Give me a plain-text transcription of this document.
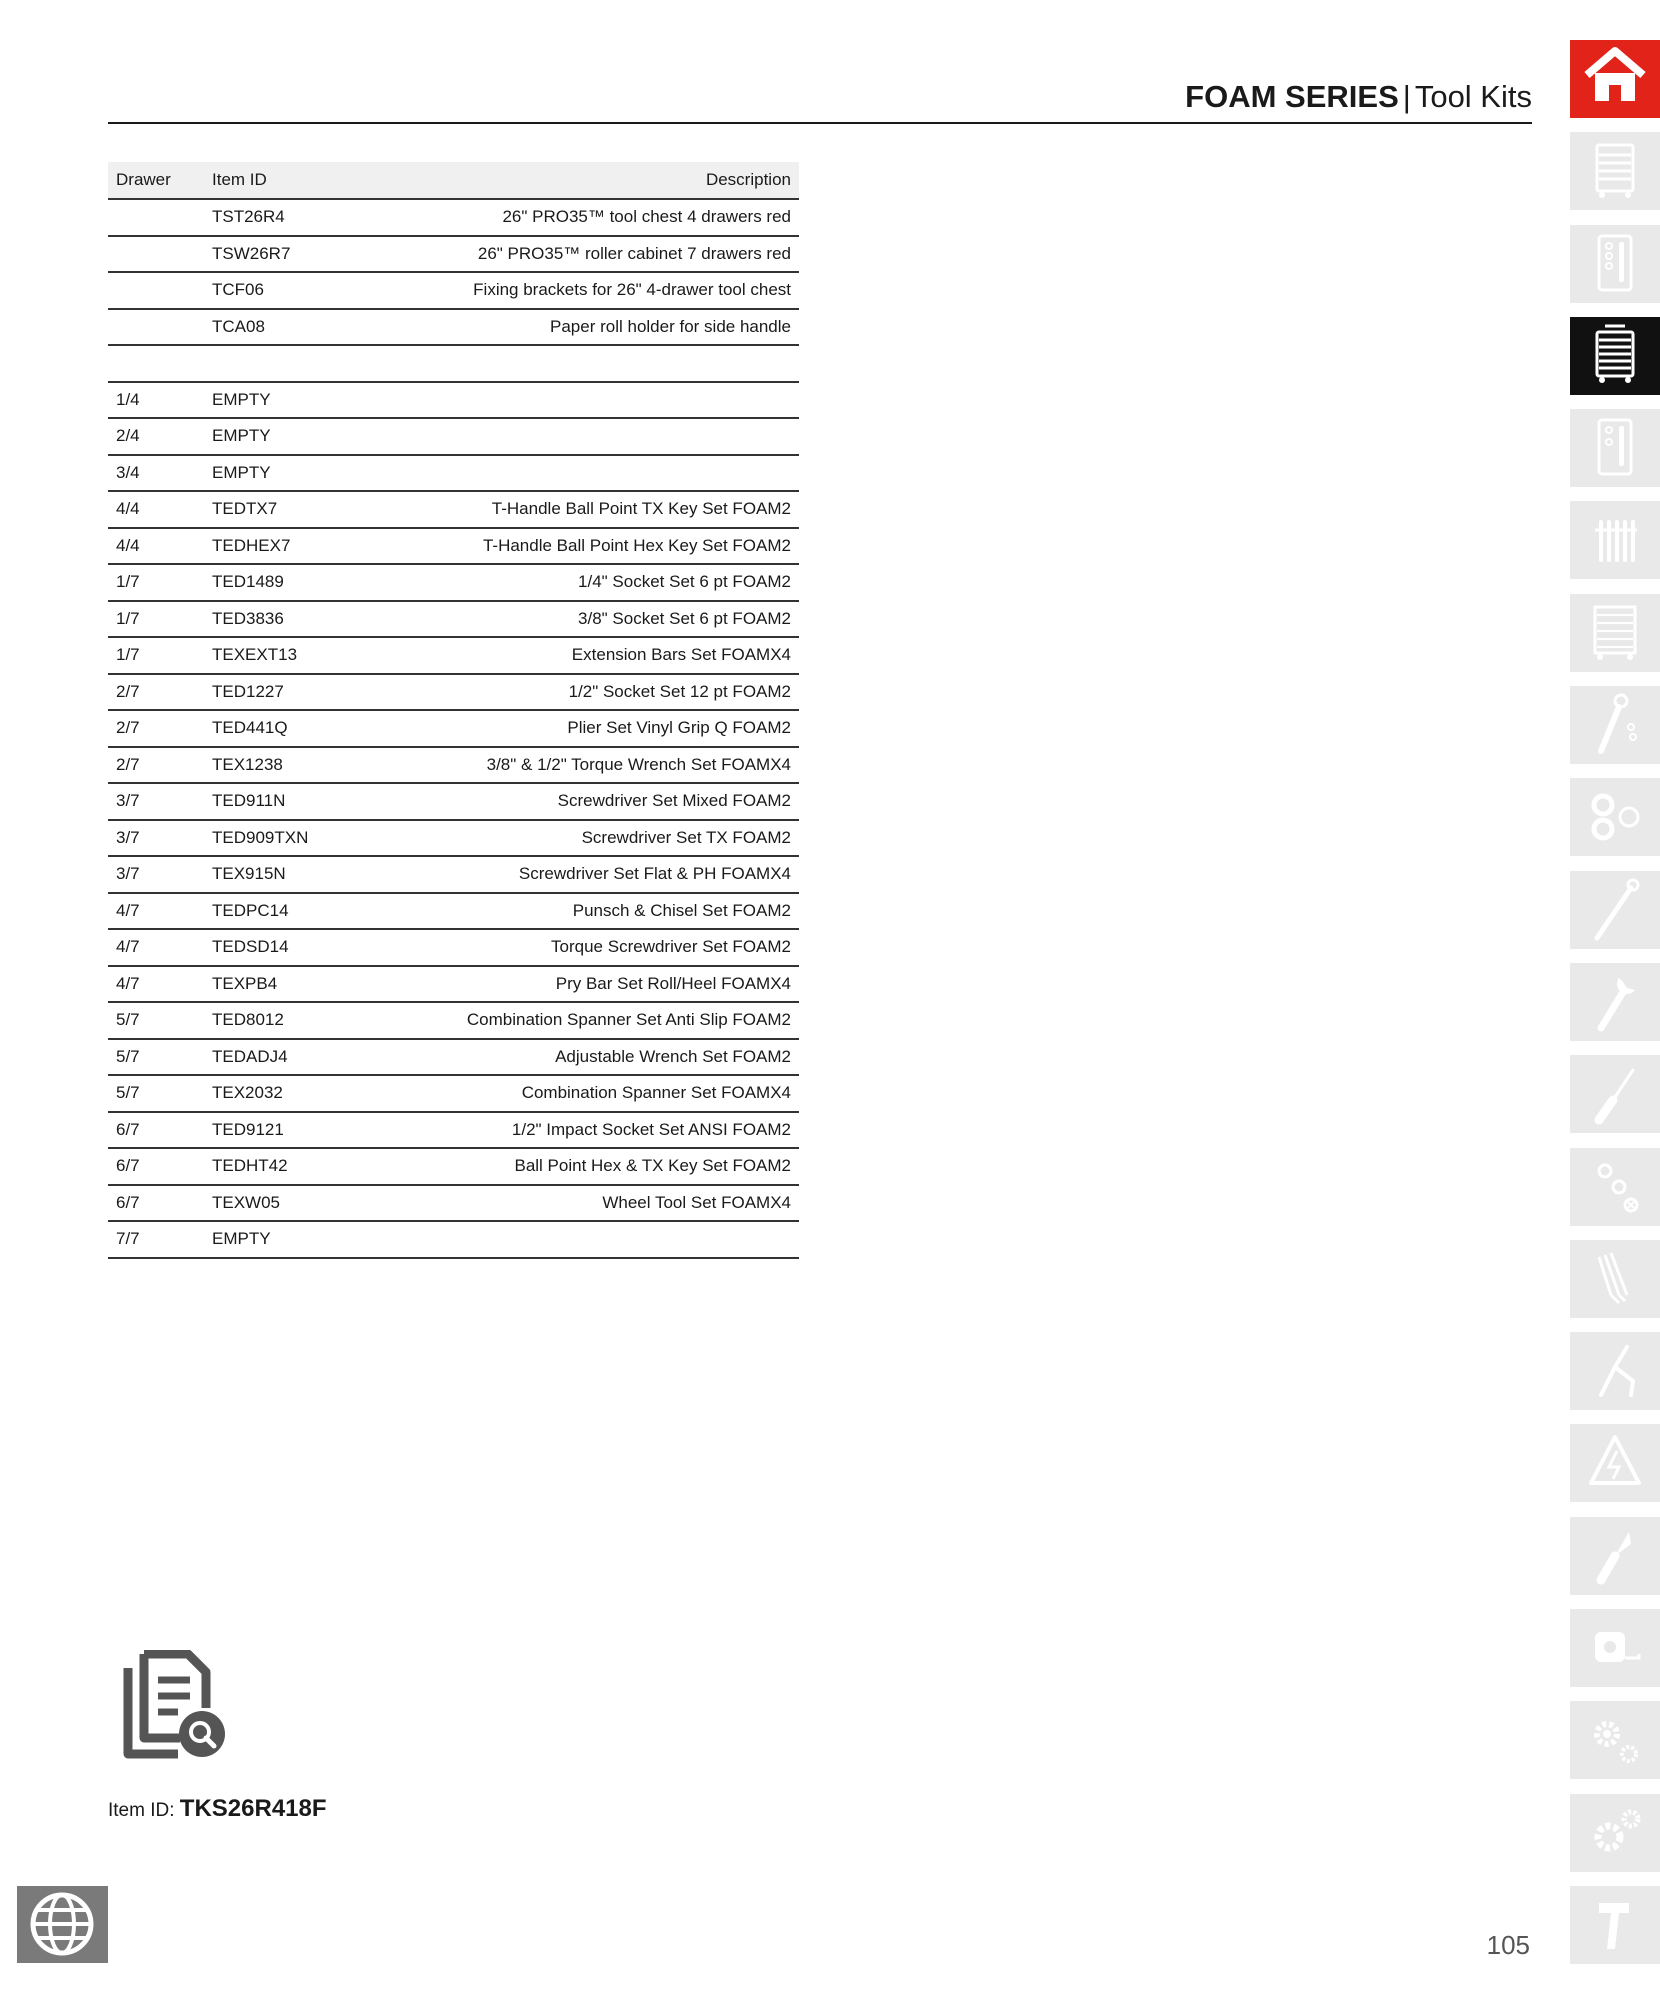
FOAM SERIES | Tool Kits
Drawer	Item ID	Description
	TST26R4	26" PRO35™ tool chest 4 drawers red
	TSW26R7	26" PRO35™ roller cabinet 7 drawers red
	TCF06	Fixing brackets for 26" 4-drawer tool chest
	TCA08	Paper roll holder for side handle

1/4	EMPTY	
2/4	EMPTY	
3/4	EMPTY	
4/4	TEDTX7	T-Handle Ball Point TX Key Set FOAM2
4/4	TEDHEX7	T-Handle Ball Point Hex Key Set FOAM2
1/7	TED1489	1/4" Socket Set 6 pt FOAM2
1/7	TED3836	3/8" Socket Set 6 pt FOAM2
1/7	TEXEXT13	Extension Bars Set FOAMX4
2/7	TED1227	1/2" Socket Set 12 pt FOAM2
2/7	TED441Q	Plier Set Vinyl Grip Q FOAM2
2/7	TEX1238	3/8" & 1/2" Torque Wrench Set FOAMX4
3/7	TED911N	Screwdriver Set Mixed FOAM2
3/7	TED909TXN	Screwdriver Set TX FOAM2
3/7	TEX915N	Screwdriver Set Flat & PH FOAMX4
4/7	TEDPC14	Punsch & Chisel Set FOAM2
4/7	TEDSD14	Torque Screwdriver Set FOAM2
4/7	TEXPB4	Pry Bar Set Roll/Heel FOAMX4
5/7	TED8012	Combination Spanner Set Anti Slip FOAM2
5/7	TEDADJ4	Adjustable Wrench Set FOAM2
5/7	TEX2032	Combination Spanner Set FOAMX4
6/7	TED9121	1/2" Impact Socket Set ANSI FOAM2
6/7	TEDHT42	Ball Point Hex & TX Key Set FOAM2
6/7	TEXW05	Wheel Tool Set FOAMX4
7/7	EMPTY	
Item ID: TKS26R418F
105
